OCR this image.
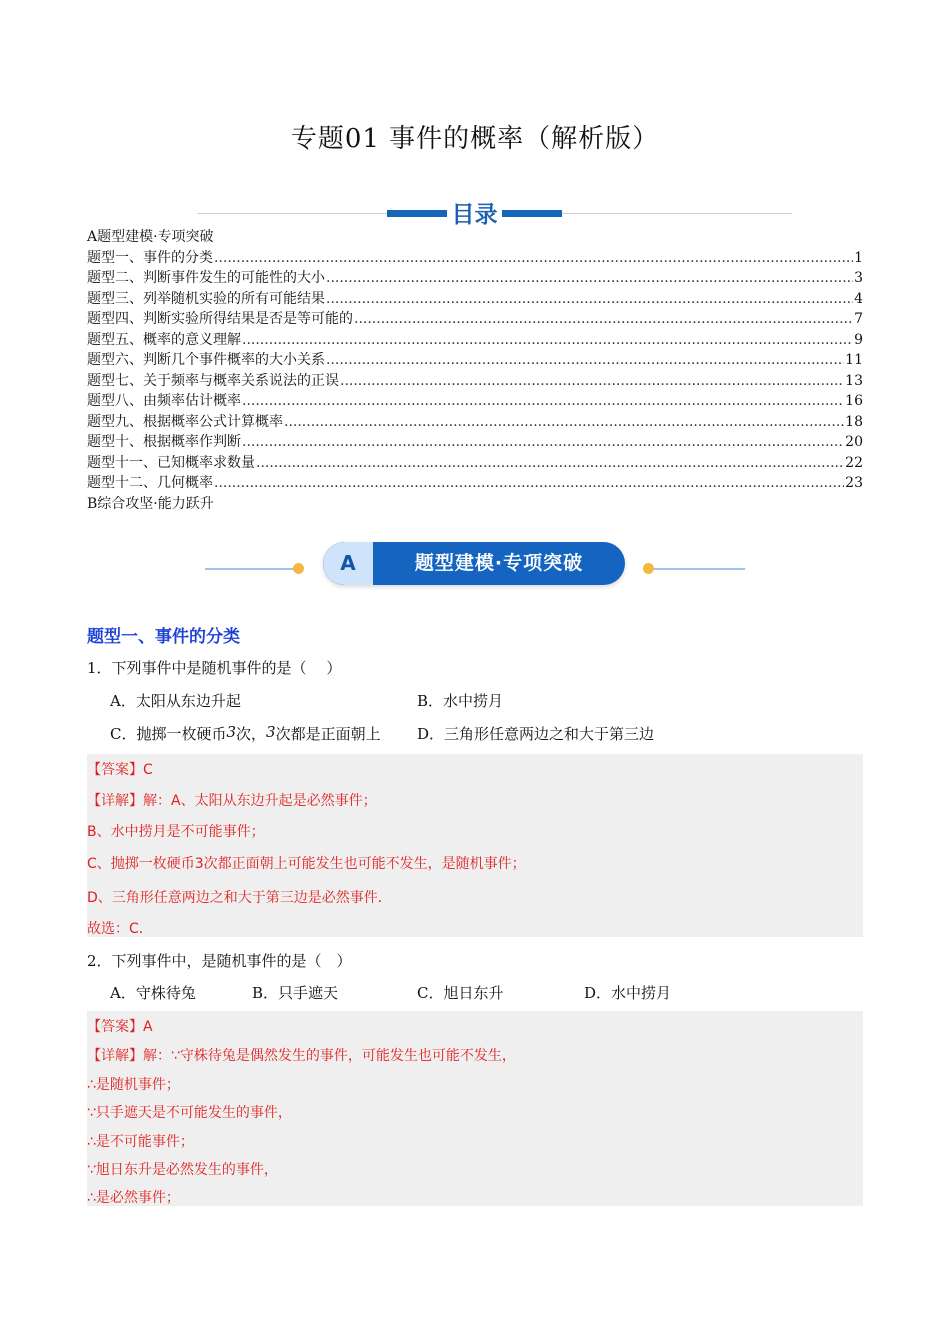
专题01 事件的概率（解析版）
目录
A题型建模·专项突破
题型一、事件的分类 .....	1
题型二、判断事件发生的可能性的大小 .....	3
题型三、列举随机实验的所有可能结果 .....	4
题型四、判断实验所得结果是否是等可能的 .....	7
题型五、概率的意义理解 .....	9
题型六、判断几个事件概率的大小关系 .....	11
题型七、关于频率与概率关系说法的正误 .....	13
题型八、由频率估计概率 .....	16
题型九、根据概率公式计算概率 .....	18
题型十、根据概率作判断 .....	20
题型十一、已知概率求数量 .....	22
题型十二、几何概率 .....	23
B综合攻坚·能力跃升
A	题型建模·专项突破
题型一、事件的分类
1．下列事件中是随机事件的是（　 ）
A．太阳从东边升起	B．水中捞月
C．抛掷一枚硬币3次，3次都是正面朝上 D．三角形任意两边之和大于第三边
【答案】C
【详解】解：A、太阳从东边升起是必然事件；
B、水中捞月是不可能事件；
C、抛掷一枚硬币3次都正面朝上可能发生也可能不发生，是随机事件；
D、三角形任意两边之和大于第三边是必然事件．
故选：C．
2．下列事件中，是随机事件的是（　）
A．守株待兔	B．只手遮天	C．旭日东升	D．水中捞月
【答案】A
【详解】解：∵守株待兔是偶然发生的事件，可能发生也可能不发生，
∴是随机事件；
∵只手遮天是不可能发生的事件，
∴是不可能事件；
∵旭日东升是必然发生的事件，
∴是必然事件；
